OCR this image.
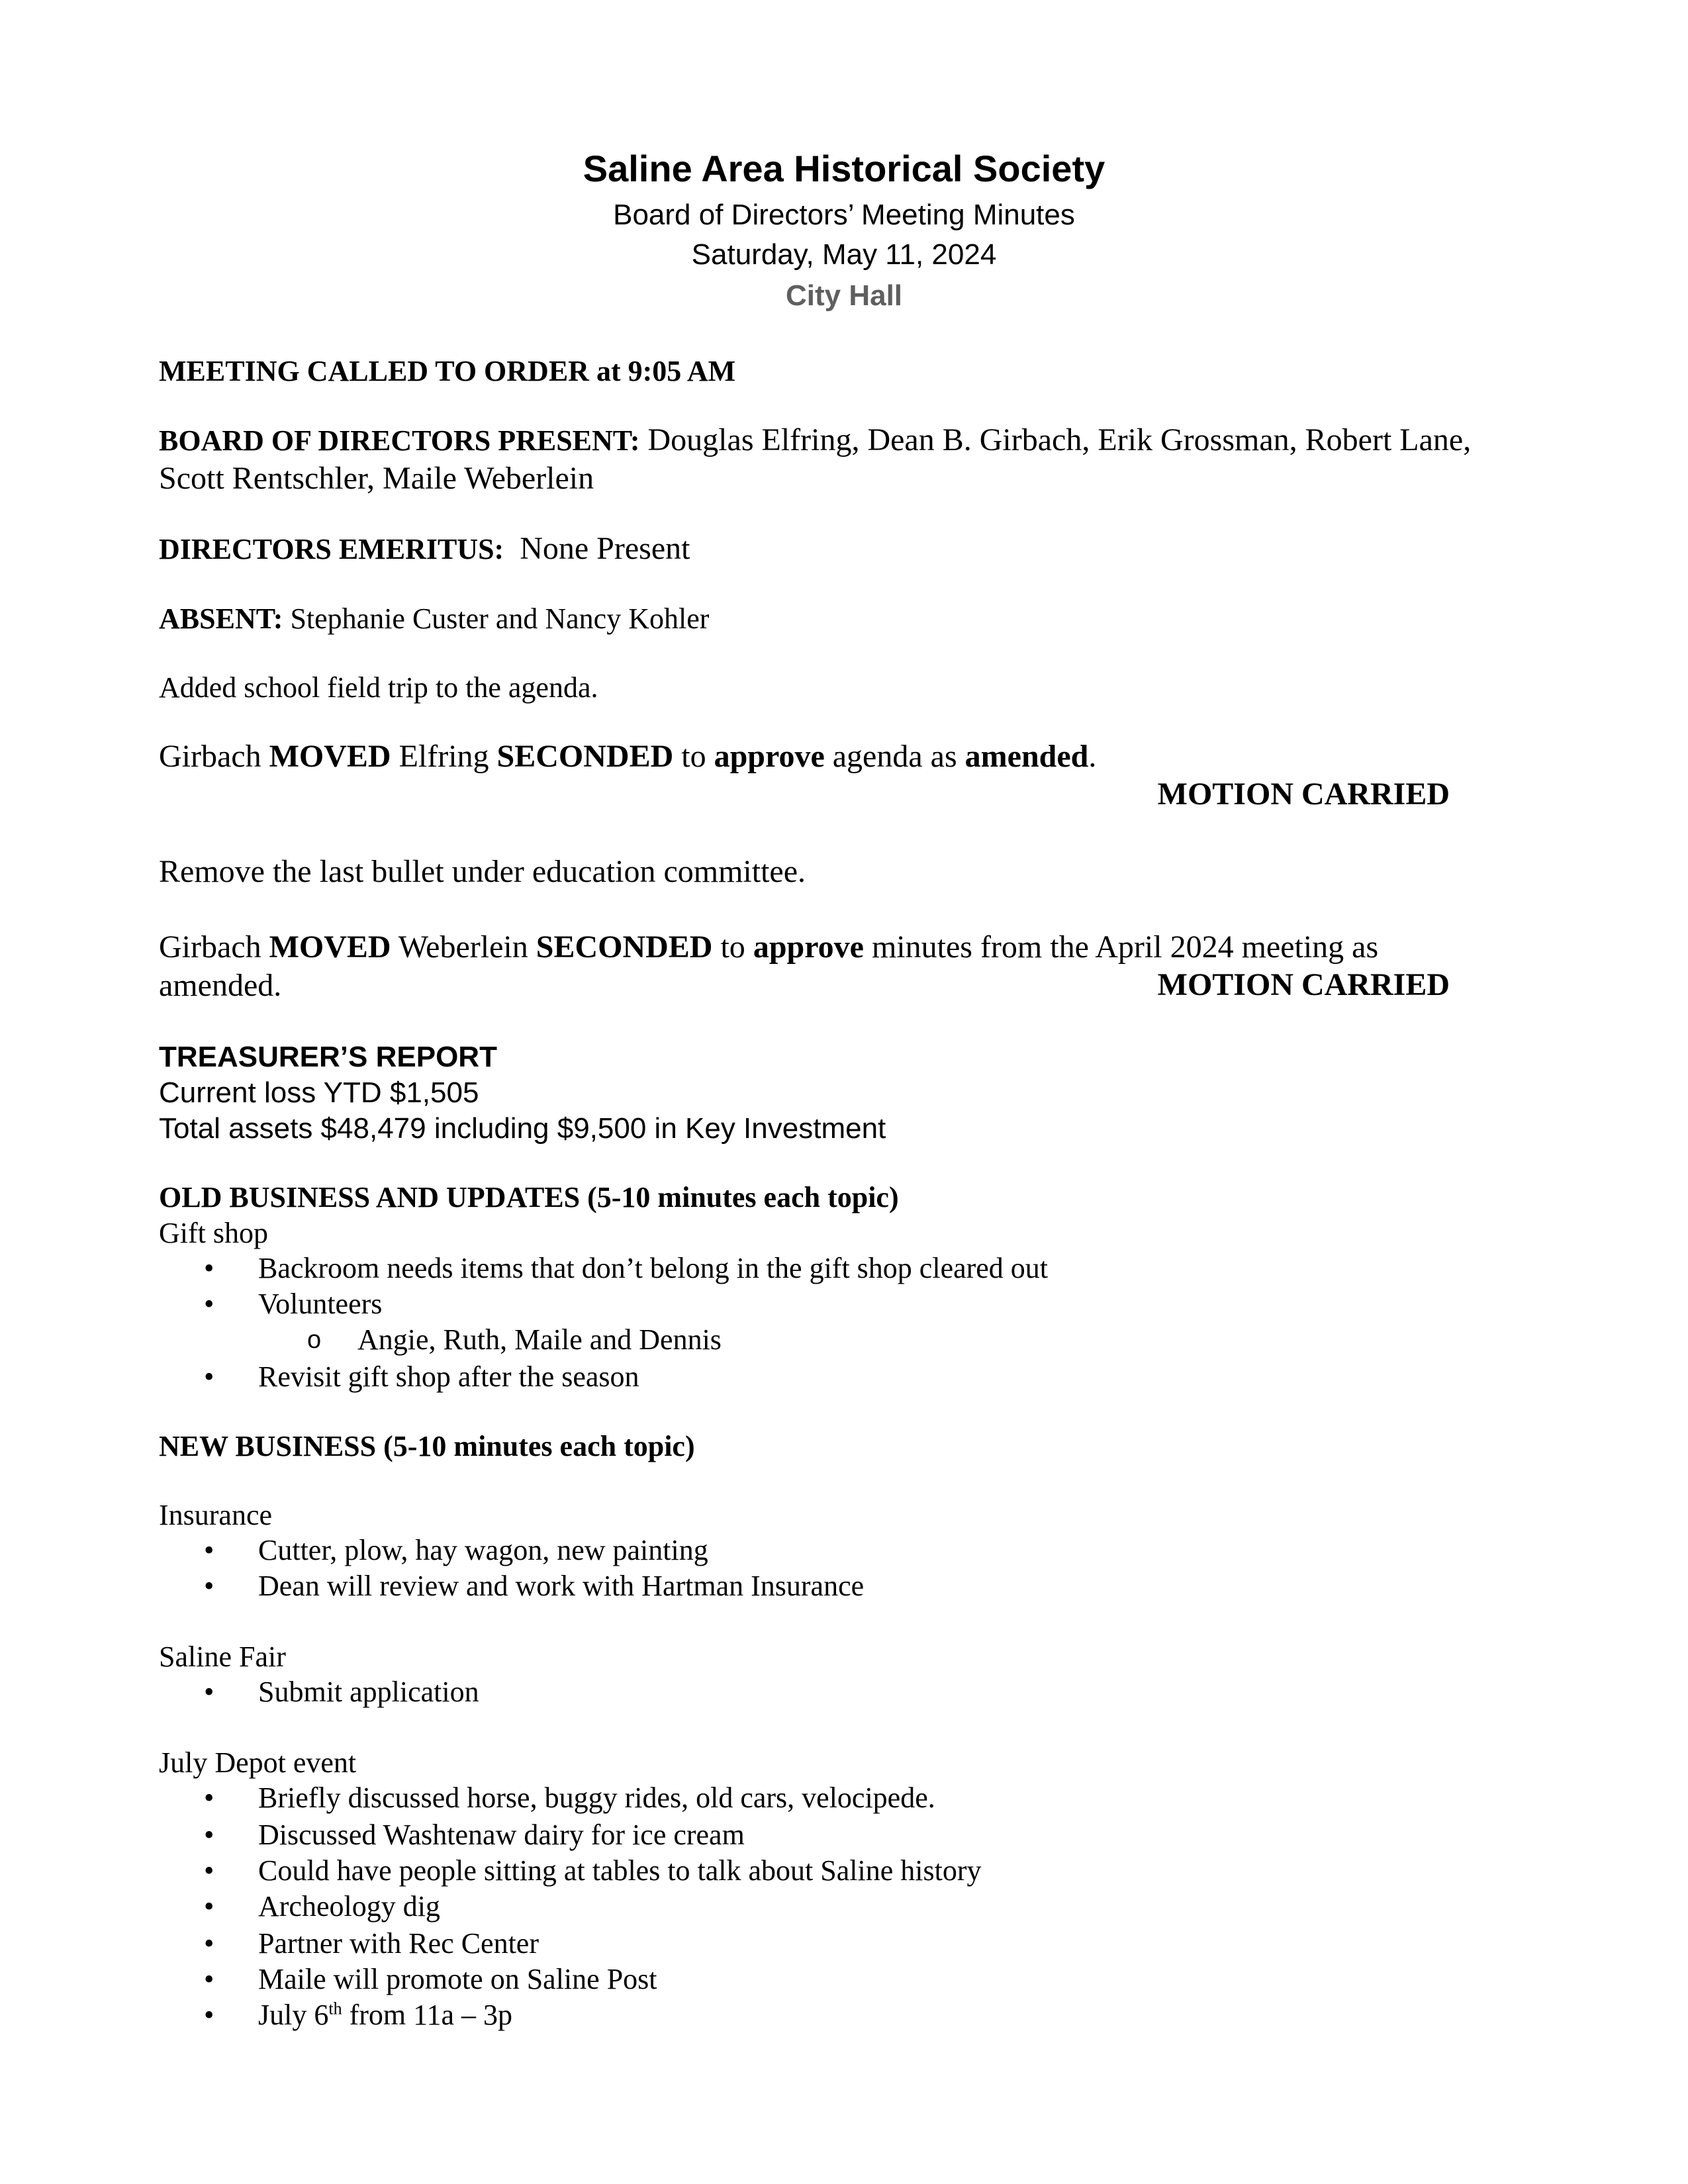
Saline Area Historical Society
Board of Directors’ Meeting Minutes
Saturday, May 11, 2024
City Hall
MEETING CALLED TO ORDER at 9:05 AM
BOARD OF DIRECTORS PRESENT: Douglas Elfring, Dean B. Girbach, Erik Grossman, Robert Lane,
Scott Rentschler, Maile Weberlein
DIRECTORS EMERITUS:  None Present
ABSENT: Stephanie Custer and Nancy Kohler
Added school field trip to the agenda.
Girbach MOVED Elfring SECONDED to approve agenda as amended.
MOTION CARRIED
Remove the last bullet under education committee.
Girbach MOVED Weberlein SECONDED to approve minutes from the April 2024 meeting as
amended.	MOTION CARRIED
TREASURER’S REPORT
Current loss YTD $1,505
Total assets $48,479 including $9,500 in Key Investment
OLD BUSINESS AND UPDATES (5-10 minutes each topic)
Gift shop
• Backroom needs items that don’t belong in the gift shop cleared out
• Volunteers
o Angie, Ruth, Maile and Dennis
• Revisit gift shop after the season
NEW BUSINESS (5-10 minutes each topic)
Insurance
• Cutter, plow, hay wagon, new painting
• Dean will review and work with Hartman Insurance
Saline Fair
• Submit application
July Depot event
• Briefly discussed horse, buggy rides, old cars, velocipede.
• Discussed Washtenaw dairy for ice cream
• Could have people sitting at tables to talk about Saline history
• Archeology dig
• Partner with Rec Center
• Maile will promote on Saline Post
• July 6th from 11a – 3p
